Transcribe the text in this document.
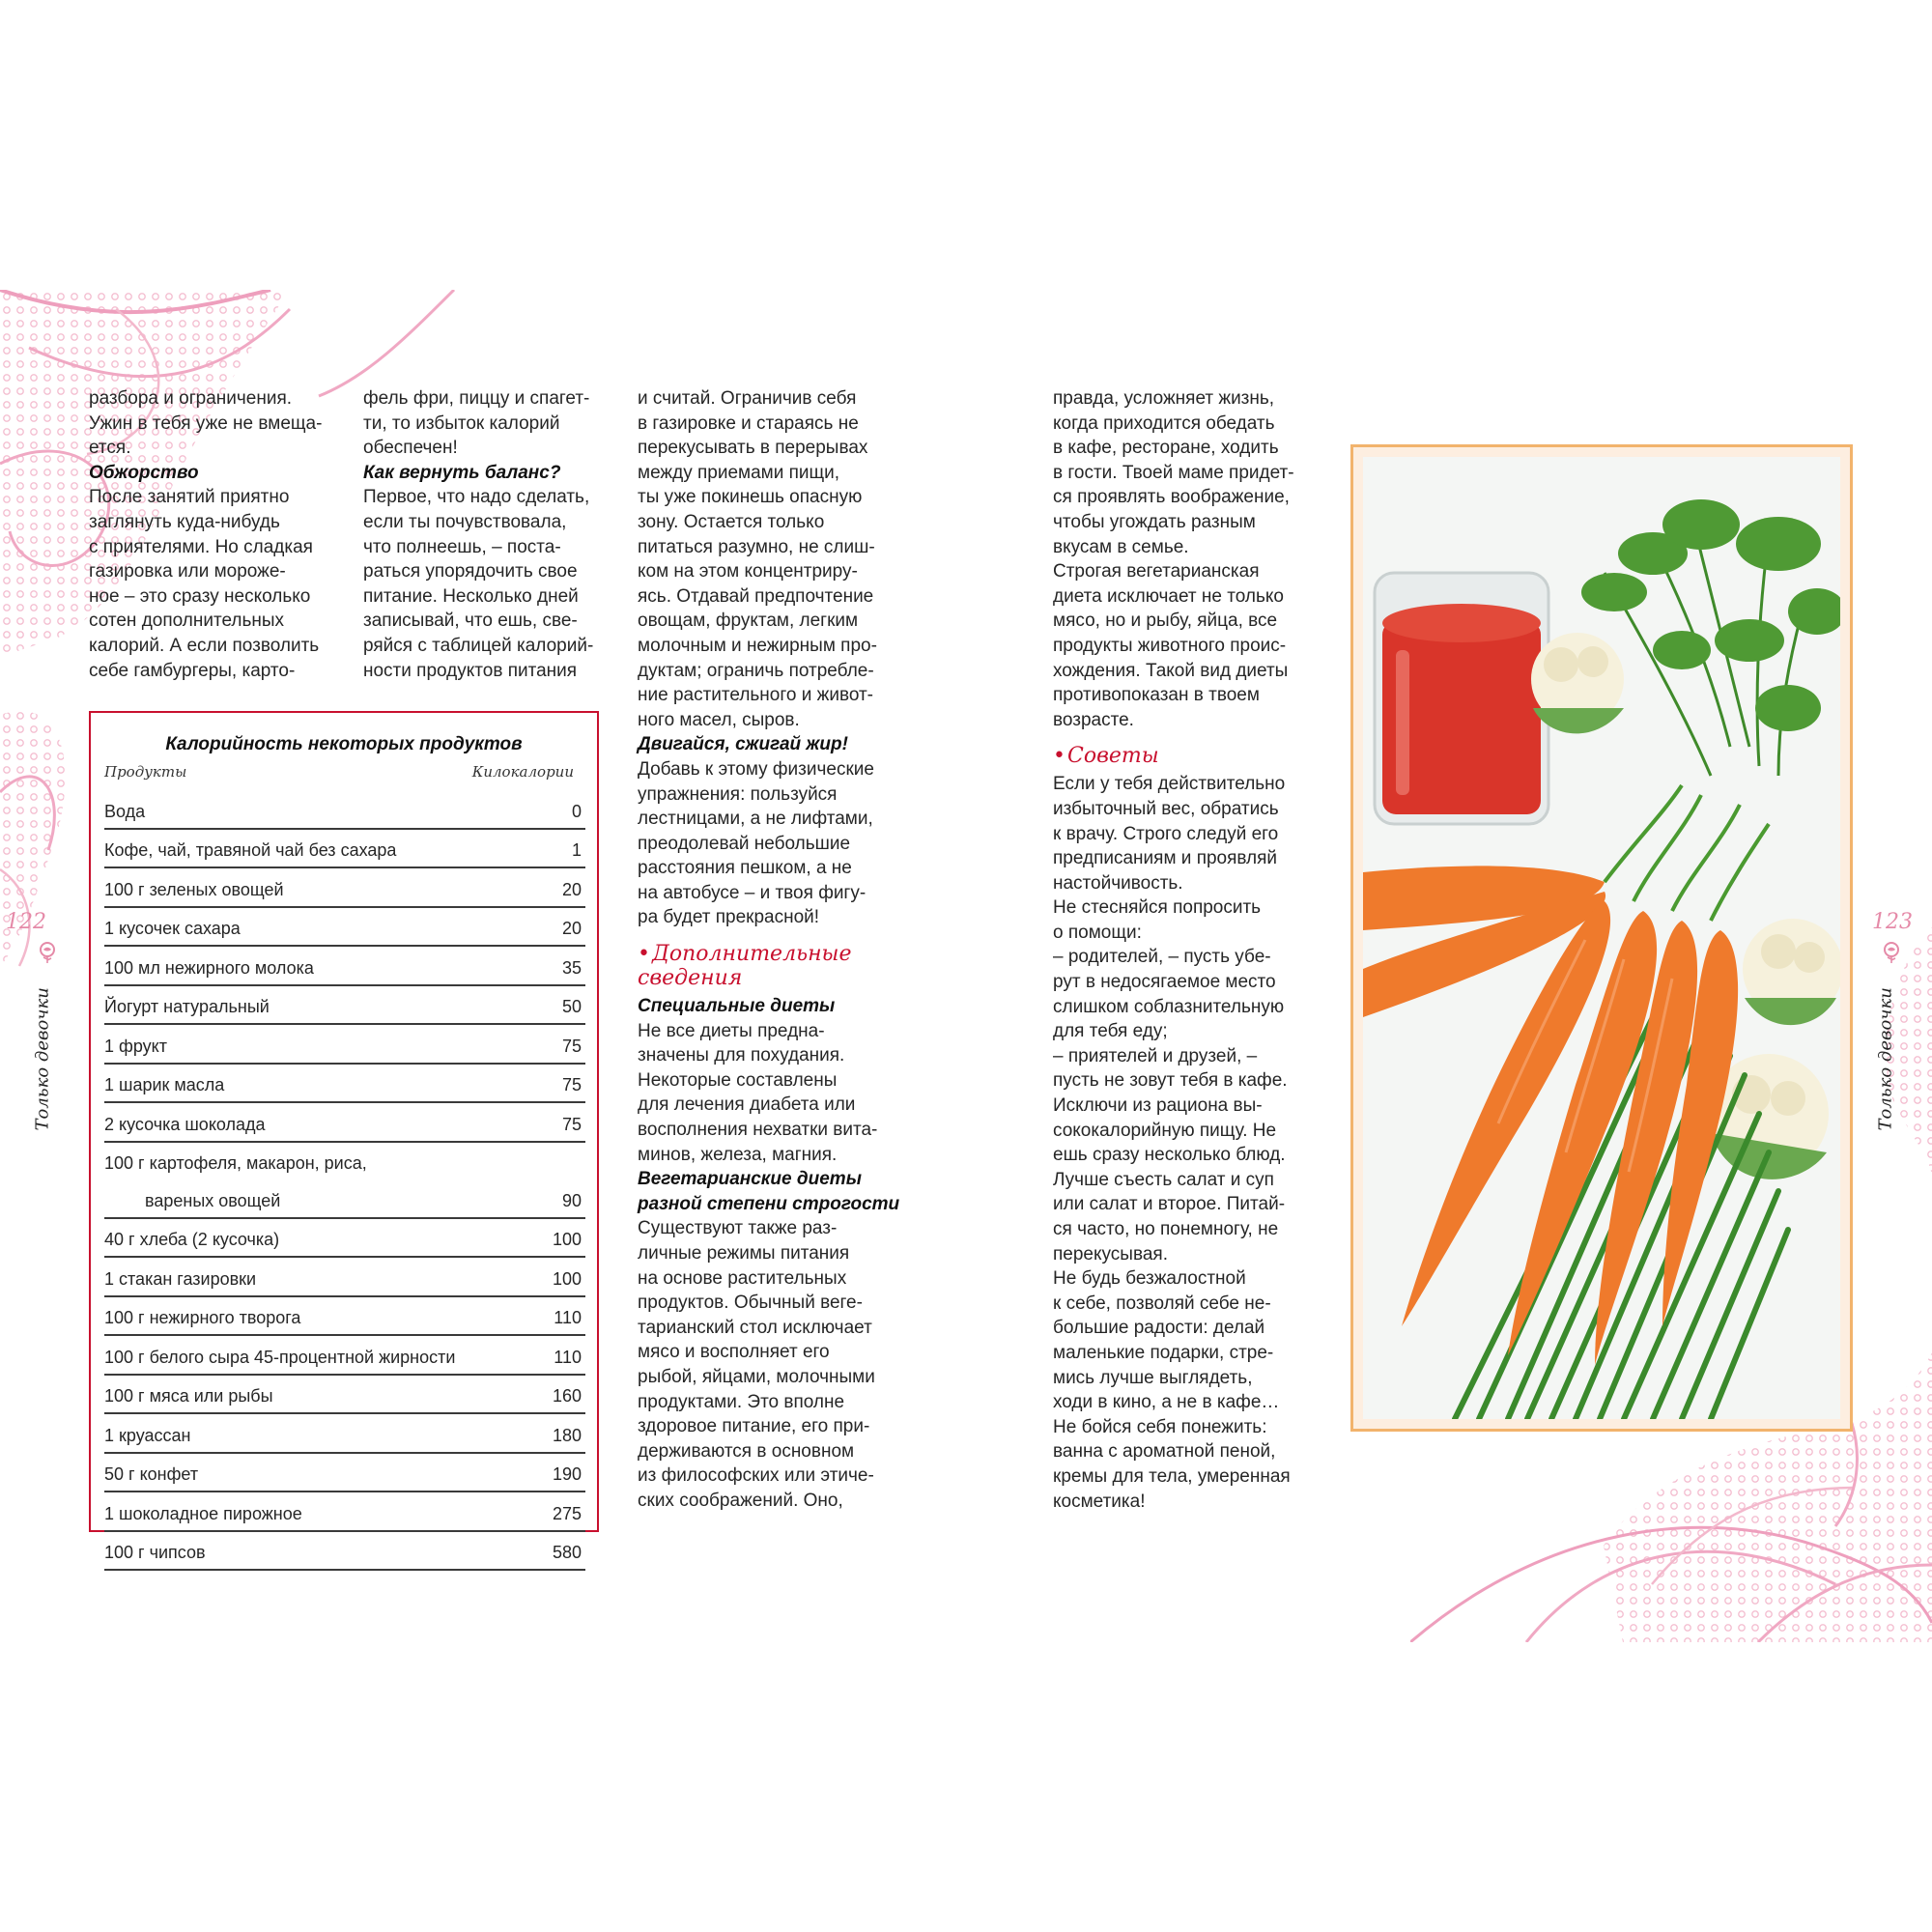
разбора и ограничения.

Ужин в тебя уже не вмеща-

ется.

Обжорство

После занятий приятно

заглянуть куда-нибудь

с приятелями. Но сладкая

газировка или мороже-

ное – это сразу несколько

сотен дополнительных

калорий. А если позволить

себе гамбургеры, карто-

фель фри, пиццу и спагет-

ти, то избыток калорий

обеспечен!

Как вернуть баланс?

Первое, что надо сделать,

если ты почувствовала,

что полнеешь, – поста-

раться упорядочить свое

питание. Несколько дней

записывай, что ешь, све-

ряйся с таблицей калорий-

ности продуктов питания

и считай. Ограничив себя

в газировке и стараясь не

перекусывать в перерывах

между приемами пищи,

ты уже покинешь опасную

зону. Остается только

питаться разумно, не слиш-

ком на этом концентриру-

ясь. Отдавай предпочтение

овощам, фруктам, легким

молочным и нежирным про-

дуктам; ограничь потребле-

ние растительного и живот-

ного масел, сыров.

Двигайся, сжигай жир!

Добавь к этому физические

упражнения: пользуйся

лестницами, а не лифтами,

преодолевай небольшие

расстояния пешком, а не

на автобусе – и твоя фигу-

ра будет прекрасной!

•Дополнительные
сведения

Специальные диеты

Не все диеты предна-

значены для похудания.

Некоторые составлены

для лечения диабета или

восполнения нехватки вита-

минов, железа, магния.

Вегетарианские диеты

разной степени строгости

Существуют также раз-

личные режимы питания

на основе растительных

продуктов. Обычный веге-

тарианский стол исключает

мясо и восполняет его

рыбой, яйцами, молочными

продуктами. Это вполне

здоровое питание, его при-

держиваются в основном

из философских или этиче-

ских соображений. Оно,

Калорийность некоторых продуктов
Продукты	Килокалории
Вода	0
Кофе, чай, травяной чай без сахара	1
100 г зеленых овощей	20
1 кусочек сахара	20
100 мл нежирного молока	35
Йогурт натуральный	50
1 фрукт	75
1 шарик масла	75
2 кусочка шоколада	75
100 г картофеля, макарон, риса,
вареных овощей	90
40 г хлеба (2 кусочка)	100
1 стакан газировки	100
100 г нежирного творога	110
100 г белого сыра 45-процентной жирности	110
100 г мяса или рыбы	160
1 круассан	180
50 г конфет	190
1 шоколадное пирожное	275
100 г чипсов	580

правда, усложняет жизнь,

когда приходится обедать

в кафе, ресторане, ходить

в гости. Твоей маме придет-

ся проявлять воображение,

чтобы угождать разным

вкусам в семье.

Строгая вегетарианская

диета исключает не только

мясо, но и рыбу, яйца, все

продукты животного проис-

хождения. Такой вид диеты

противопоказан в твоем

возрасте.

•Советы

Если у тебя действительно

избыточный вес, обратись

к врачу. Строго следуй его

предписаниям и проявляй

настойчивость.

Не стесняйся попросить

о помощи:

– родителей, – пусть убе-

рут в недосягаемое место

слишком соблазнительную

для тебя еду;

– приятелей и друзей, –

пусть не зовут тебя в кафе.

Исключи из рациона вы-

сококалорийную пищу. Не

ешь сразу несколько блюд.

Лучше съесть салат и суп

или салат и второе. Питай-

ся часто, но понемногу, не

перекусывая.

Не будь безжалостной

к себе, позволяй себе не-

большие радости: делай

маленькие подарки, стре-

мись лучше выглядеть,

ходи в кино, а не в кафе…

Не бойся себя понежить:

ванна с ароматной пеной,

кремы для тела, умеренная

косметика!

122
Только девочки
123
Только девочки
